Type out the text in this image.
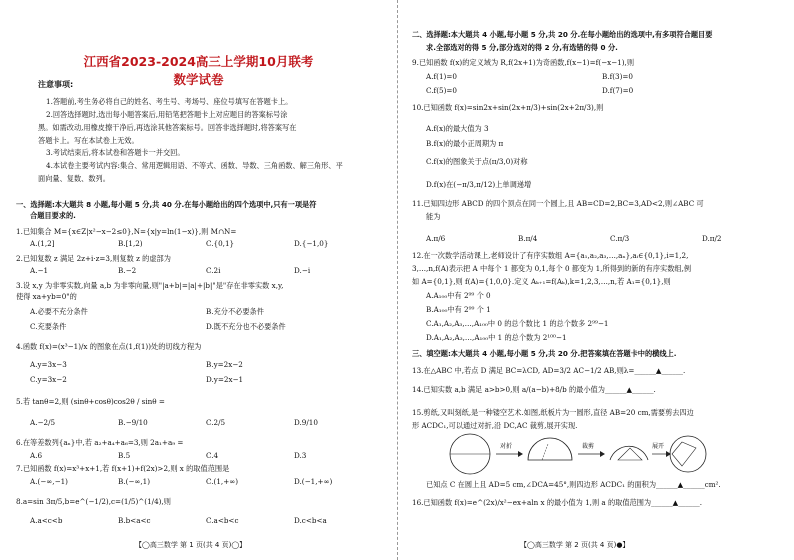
江西省2023-2024高三上学期10月联考
数学试卷
注意事项:
1.答题前,考生务必将自己的姓名、考生号、考场号、座位号填写在答题卡上。
2.回答选择题时,选出每小题答案后,用铅笔把答题卡上对应题目的答案标号涂
黑。如需改动,用橡皮擦干净后,再选涂其他答案标号。回答非选择题时,将答案写在
答题卡上。写在本试卷上无效。
3.考试结束后,将本试卷和答题卡一并交回。
4.本试卷主要考试内容:集合、常用逻辑用语、不等式、函数、导数、三角函数、解三角形、平
面向量、复数、数列。
一、选择题:本大题共 8 小题,每小题 5 分,共 40 分.在每小题给出的四个选项中,只有一项是符
合题目要求的.
1.已知集合 M={x∈Z|x²−x−2≤0},N={x|y=ln(1−x)},则 M∩N=
A.(1,2]	B.[1,2)	C.{0,1}	D.{−1,0}
2.已知复数 z 满足 2z+i·z=3,则复数 z 的虚部为
A.−1	B.−2	C.2i	D.−i
3.设 x,y 为非零实数,向量 a,b 为非零向量,则"|a+b|=|a|+|b|"是"存在非零实数 x,y,
使得 xa+yb=0"的
A.必要不充分条件	B.充分不必要条件
C.充要条件	D.既不充分也不必要条件
4.函数 f(x)=(x³−1)/x 的图象在点(1,f(1))处的切线方程为
A.y=3x−3	B.y=2x−2
C.y=3x−2	D.y=2x−1
5.若 tanθ=2,则 (sinθ+cosθ)cos2θ / sinθ =
A.−2/5	B.−9/10	C.2/5	D.9/10
6.在等差数列{aₙ}中,若 a₂+a₄+a₆=3,则 2a₁+a₉ =
A.6	B.5	C.4	D.3
7.已知函数 f(x)=x³+x+1,若 f(x+1)+f(2x)>2,则 x 的取值范围是
A.(−∞,−1)	B.(−∞,1)	C.(1,+∞)	D.(−1,+∞)
8.a=sin 3π/5,b=e^(−1/2),c=(1/5)^(1/4),则
A.a<c<b	B.b<a<c	C.a<b<c	D.c<b<a
【◯高三数学 第 1 页(共 4 页)◯】
二、选择题:本大题共 4 小题,每小题 5 分,共 20 分.在每小题给出的选项中,有多项符合题目要
求.全部选对的得 5 分,部分选对的得 2 分,有选错的得 0 分.
9.已知函数 f(x)的定义域为 R,f(2x+1)为奇函数,f(x−1)=f(−x−1),则
A.f(1)=0	B.f(3)=0
C.f(5)=0	D.f(7)=0
10.已知函数 f(x)=sin2x+sin(2x+π/3)+sin(2x+2π/3),则
A.f(x)的最大值为 3
B.f(x)的最小正周期为 π
C.f(x)的图象关于点(π/3,0)对称
D.f(x)在(−π/3,π/12)上单调递增
11.已知四边形 ABCD 的四个顶点在同一个圆上,且 AB=CD=2,BC=3,AD<2,则∠ABC 可
能为
A.π/6	B.π/4	C.π/3	D.π/2
12.在一次数学活动课上,老师设计了有序实数组 A={a₁,a₂,a₃,…,aₙ},aᵢ∈{0,1},i=1,2,
3,…,n,f(A)表示把 A 中每个 1 都变为 0,1,每个 0 都变为 1,所得到的新的有序实数组,例
如 A={0,1},则 f(A)={1,0,0}.定义 Aₖ₊₁=f(Aₖ),k=1,2,3,…,n,若 A₁={0,1},则
A.A₁₀₀中有 2⁹⁹ 个 0
B.A₁₀₀中有 2⁹⁹ 个 1
C.A₁,A₂,A₃,…,A₁₀₀中 0 的总个数比 1 的总个数多 2⁹⁹−1
D.A₁,A₂,A₃,…,A₁₀₀中 1 的总个数为 2¹⁰⁰−1
三、填空题:本大题共 4 小题,每小题 5 分,共 20 分.把答案填在答题卡中的横线上.
13.在△ABC 中,若点 D 满足 BC=λCD, AD=3/2 AC−1/2 AB,则λ=______▲______.
14.已知实数 a,b 满足 a>b>0,则 a/(a−b)+8/b 的最小值为______▲______.
15.剪纸,又叫刻纸,是一种镂空艺术.如图,纸板片为一圆形,直径 AB=20 cm,需要剪去四边
形 ACDC₁,可以通过对折,沿 DC,AC 裁剪,展开实现.
对折	裁剪	展开
已知点 C 在圆上且 AD=5 cm,∠DCA=45°,则四边形 ACDC₁ 的面积为______▲______cm².
16.已知函数 f(x)=e^(2x)/x²−ex+aln x 的最小值为 1,则 a 的取值范围为______▲______.
【◯高三数学 第 2 页(共 4 页)●】
